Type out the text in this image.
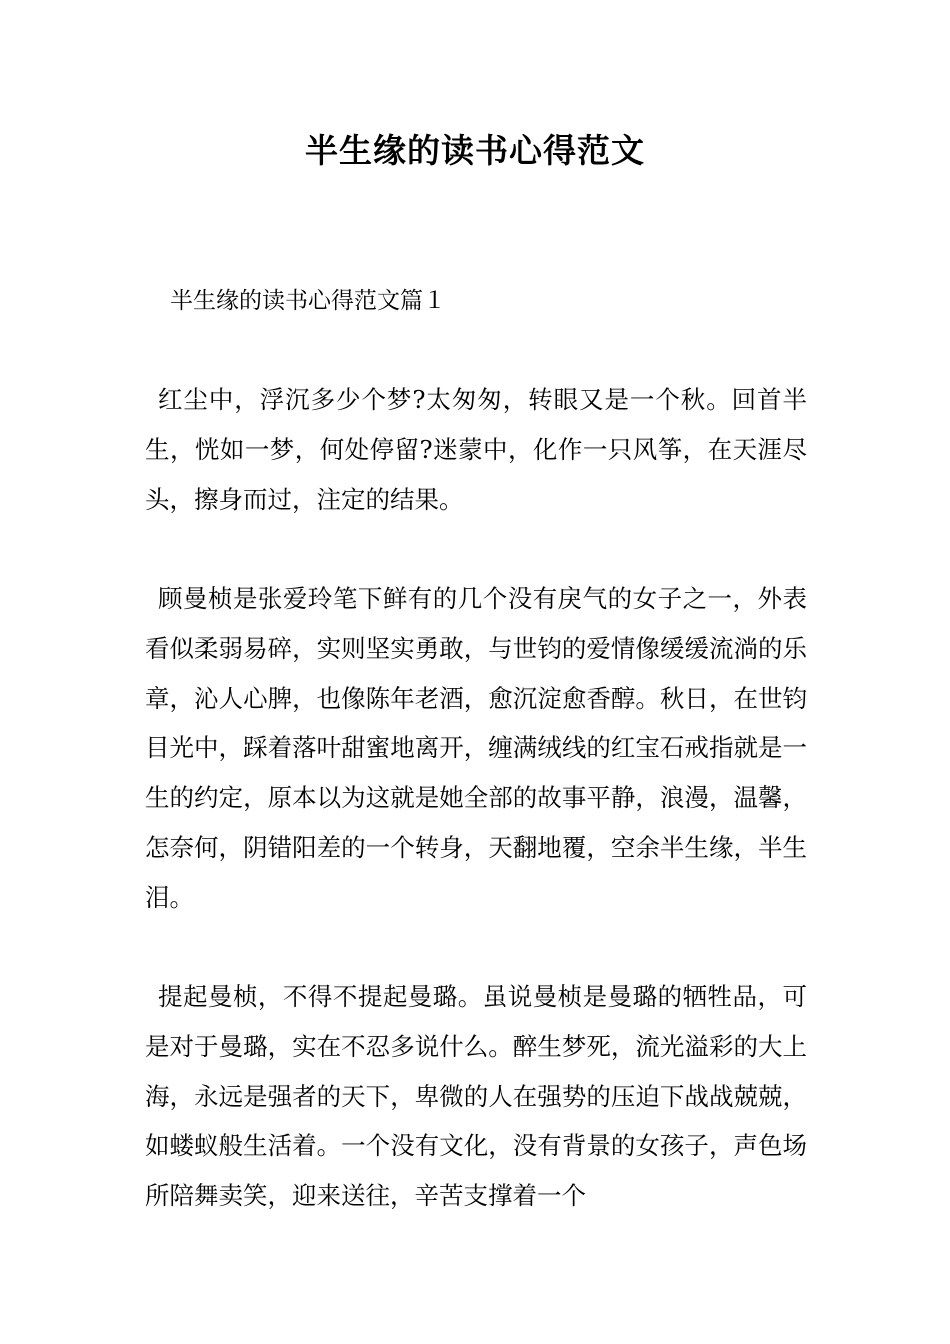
半生缘的读书心得范文

半生缘的读书心得范文篇１

红尘中，浮沉多少个梦?太匆匆，转眼又是一个秋。回首半生，恍如一梦，何处停留?迷蒙中，化作一只风筝，在天涯尽头，擦身而过，注定的结果。

顾曼桢是张爱玲笔下鲜有的几个没有戾气的女子之一，外表看似柔弱易碎，实则坚实勇敢，与世钧的爱情像缓缓流淌的乐章，沁人心脾，也像陈年老酒，愈沉淀愈香醇。秋日，在世钧目光中，踩着落叶甜蜜地离开，缠满绒线的红宝石戒指就是一生的约定，原本以为这就是她全部的故事平静，浪漫，温馨，怎奈何，阴错阳差的一个转身，天翻地覆，空余半生缘，半生泪。

提起曼桢，不得不提起曼璐。虽说曼桢是曼璐的牺牲品，可是对于曼璐，实在不忍多说什么。醉生梦死，流光溢彩的大上海，永远是强者的天下，卑微的人在强势的压迫下战战兢兢，如蝼蚁般生活着。一个没有文化，没有背景的女孩子，声色场所陪舞卖笑，迎来送往，辛苦支撑着一个
